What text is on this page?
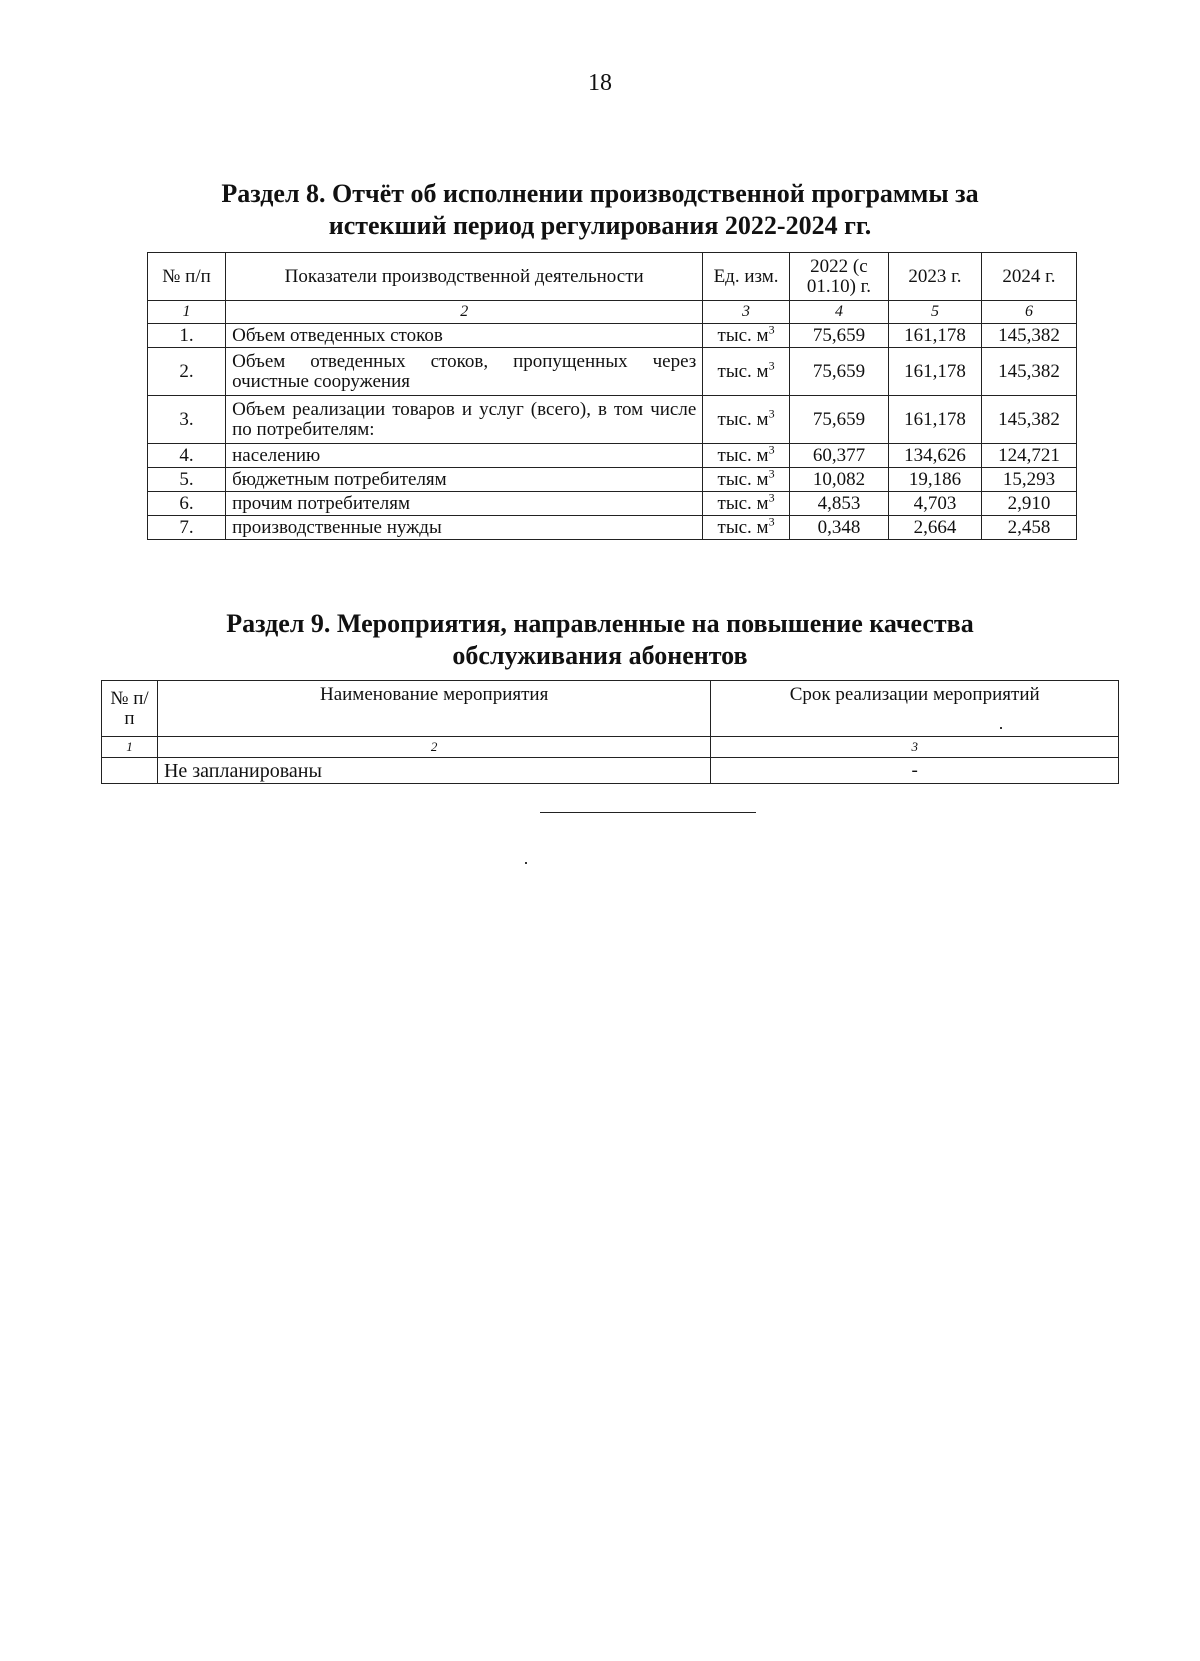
18
Раздел 8. Отчёт об исполнении производственной программы за
истекший период регулирования 2022-2024 гг.
№ п/п	Показатели производственной деятельности	Ед. изм.	2022 (с 01.10) г.	2023 г.	2024 г.
1	2	3	4	5	6
1.	Объем отведенных стоков	тыс. $м^3$	75,659	161,178	145,382
2.	Объем отведенных стоков, пропущенных через очистные сооружения	тыс. $м^3$	75,659	161,178	145,382
3.	Объем реализации товаров и услуг (всего), в том числе по потребителям:	тыс. $м^3$	75,659	161,178	145,382
4.	населению	тыс. $м^3$	60,377	134,626	124,721
5.	бюджетным потребителям	тыс. $м^3$	10,082	19,186	15,293
6.	прочим потребителям	тыс. $м^3$	4,853	4,703	2,910
7.	производственные нужды	тыс. $м^3$	0,348	2,664	2,458
Раздел 9. Мероприятия, направленные на повышение качества
обслуживания абонентов
№ п/п	Наименование мероприятия	Срок реализации мероприятий
1	2	3
	Не запланированы	-
